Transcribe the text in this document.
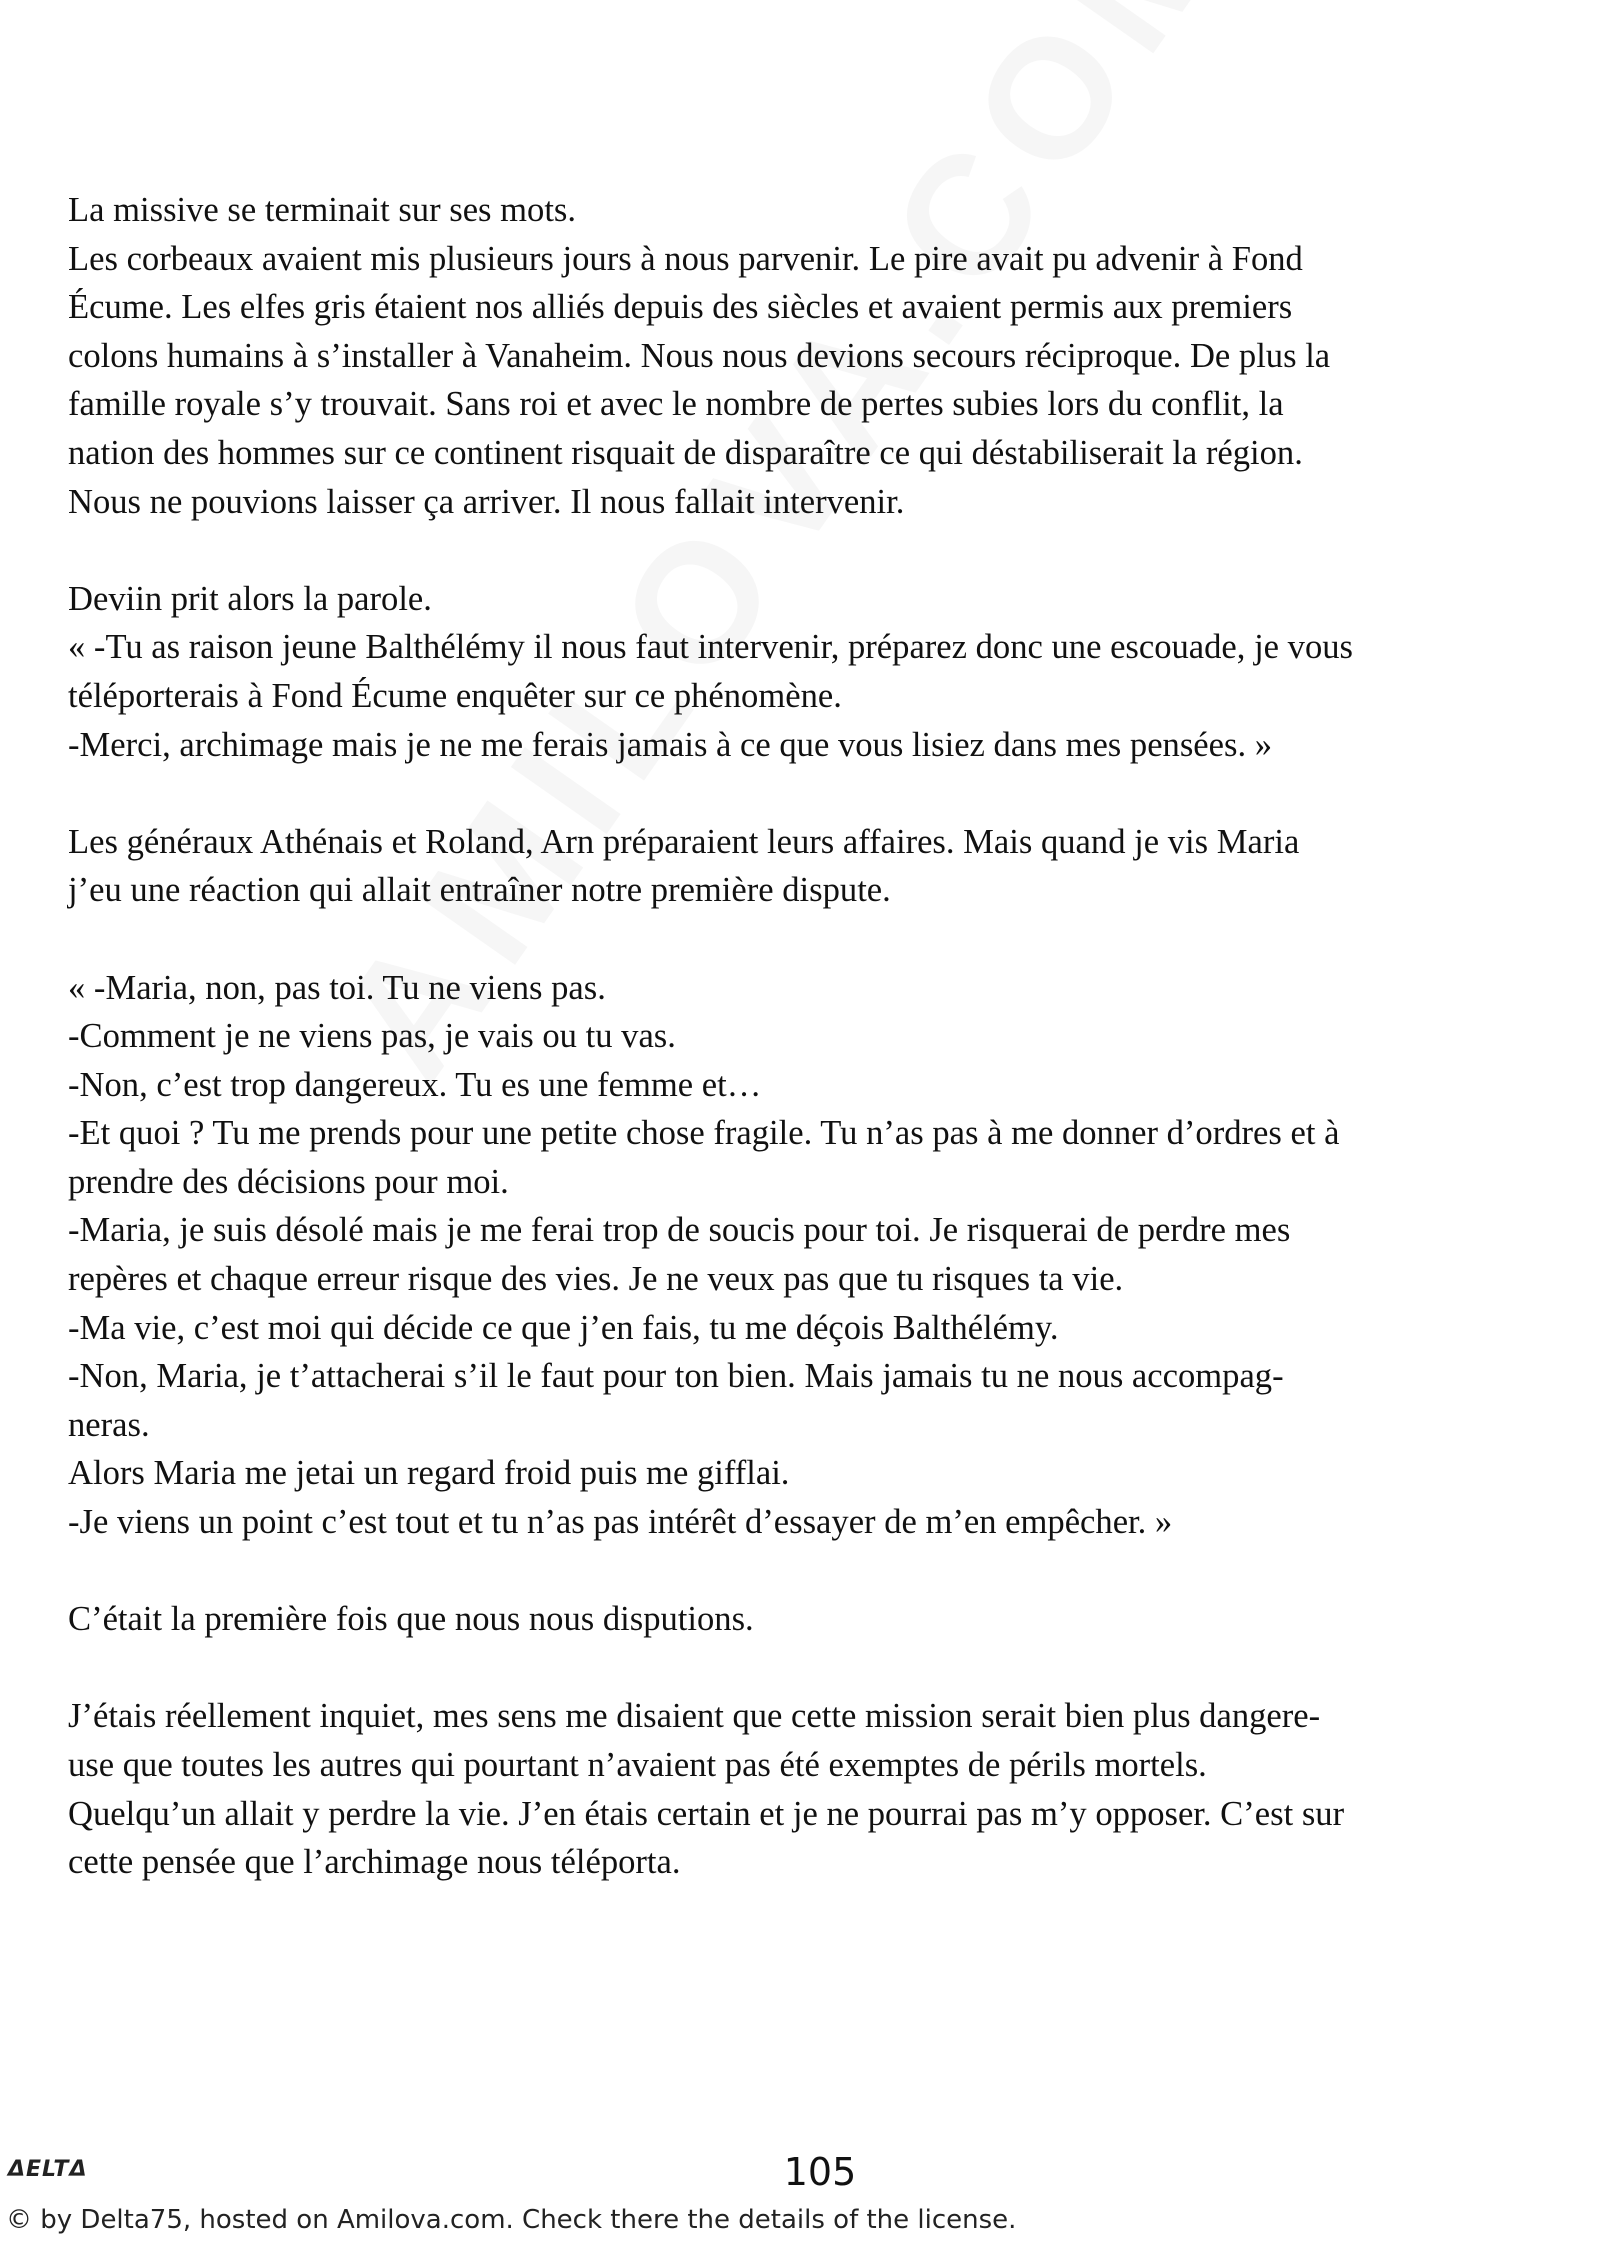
La missive se terminait sur ses mots.
Les corbeaux avaient mis plusieurs jours à nous parvenir. Le pire avait pu advenir à Fond
Écume. Les elfes gris étaient nos alliés depuis des siècles et avaient permis aux premiers
colons humains à s’installer à Vanaheim. Nous nous devions secours réciproque. De plus la
famille royale s’y trouvait. Sans roi et avec le nombre de pertes subies lors du conflit, la
nation des hommes sur ce continent risquait de disparaître ce qui déstabiliserait la région.
Nous ne pouvions laisser ça arriver. Il nous fallait intervenir.

Deviin prit alors la parole.
« -Tu as raison jeune Balthélémy il nous faut intervenir, préparez donc une escouade, je vous
téléporterais à Fond Écume enquêter sur ce phénomène.
-Merci, archimage mais je ne me ferais jamais à ce que vous lisiez dans mes pensées. »

Les généraux Athénais et Roland, Arn préparaient leurs affaires. Mais quand je vis Maria
j’eu une réaction qui allait entraîner notre première dispute.

« -Maria, non, pas toi. Tu ne viens pas.
-Comment je ne viens pas, je vais ou tu vas.
-Non, c’est trop dangereux. Tu es une femme et…
-Et quoi ? Tu me prends pour une petite chose fragile. Tu n’as pas à me donner d’ordres et à
prendre des décisions pour moi.
-Maria, je suis désolé mais je me ferai trop de soucis pour toi. Je risquerai de perdre mes
repères et chaque erreur risque des vies. Je ne veux pas que tu risques ta vie.
-Ma vie, c’est moi qui décide ce que j’en fais, tu me déçois Balthélémy.
-Non, Maria, je t’attacherai s’il le faut pour ton bien. Mais jamais tu ne nous accompag-
neras.
Alors Maria me jetai un regard froid puis me gifflai.
-Je viens un point c’est tout et tu n’as pas intérêt d’essayer de m’en empêcher. »

C’était la première fois que nous nous disputions.

J’étais réellement inquiet, mes sens me disaient que cette mission serait bien plus dangere-
use que toutes les autres qui pourtant n’avaient pas été exemptes de périls mortels.
Quelqu’un allait y perdre la vie. J’en étais certain et je ne pourrai pas m’y opposer. C’est sur
cette pensée que l’archimage nous téléporta.

ΔELTΔ	105
© by Delta75, hosted on Amilova.com. Check there the details of the license.
